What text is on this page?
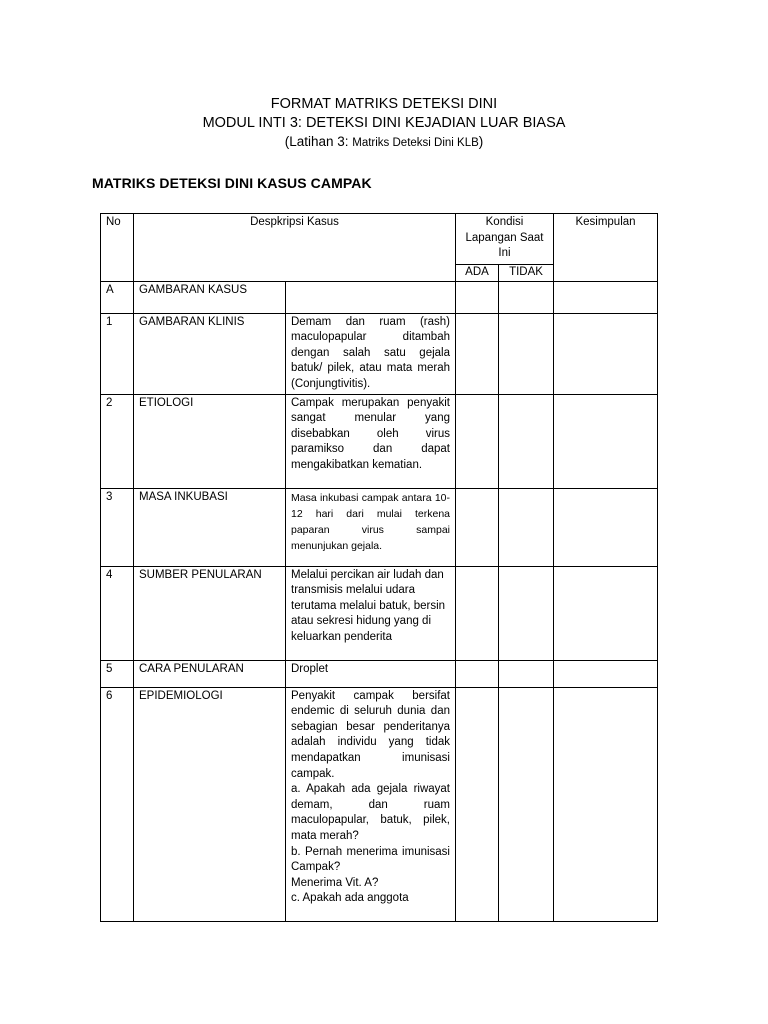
FORMAT MATRIKS DETEKSI DINI
MODUL INTI 3: DETEKSI DINI KEJADIAN LUAR BIASA
(Latihan 3: Matriks Deteksi Dini KLB)
MATRIKS DETEKSI DINI KASUS CAMPAK
No	Despkripsi Kasus		Kondisi
Lapangan Saat
Ini		Kesimpulan
			ADA	TIDAK	
A	GAMBARAN KASUS				
1	GAMBARAN KLINIS	Demam dan ruam (rash) maculopapular ditambah dengan salah satu gejala batuk/ pilek, atau mata merah (Conjungtivitis).			
2	ETIOLOGI	Campak merupakan penyakit sangat menular yang disebabkan oleh virus paramikso dan dapat mengakibatkan kematian.			
3	MASA INKUBASI	Masa inkubasi campak antara 10-12 hari dari mulai terkena paparan virus sampai menunjukan gejala.			
4	SUMBER PENULARAN	Melalui percikan air ludah dan transmisis melalui udara terutama melalui batuk, bersin atau sekresi hidung yang di keluarkan penderita			
5	CARA PENULARAN	Droplet			
6	EPIDEMIOLOGI	Penyakit campak bersifat endemic di seluruh dunia dan sebagian besar penderitanya adalah individu yang tidak mendapatkan imunisasi campak.
a. Apakah ada gejala riwayat demam, dan ruam maculopapular, batuk, pilek, mata merah?
b. Pernah menerima imunisasi Campak?
Menerima Vit. A?
c. Apakah ada anggota			
